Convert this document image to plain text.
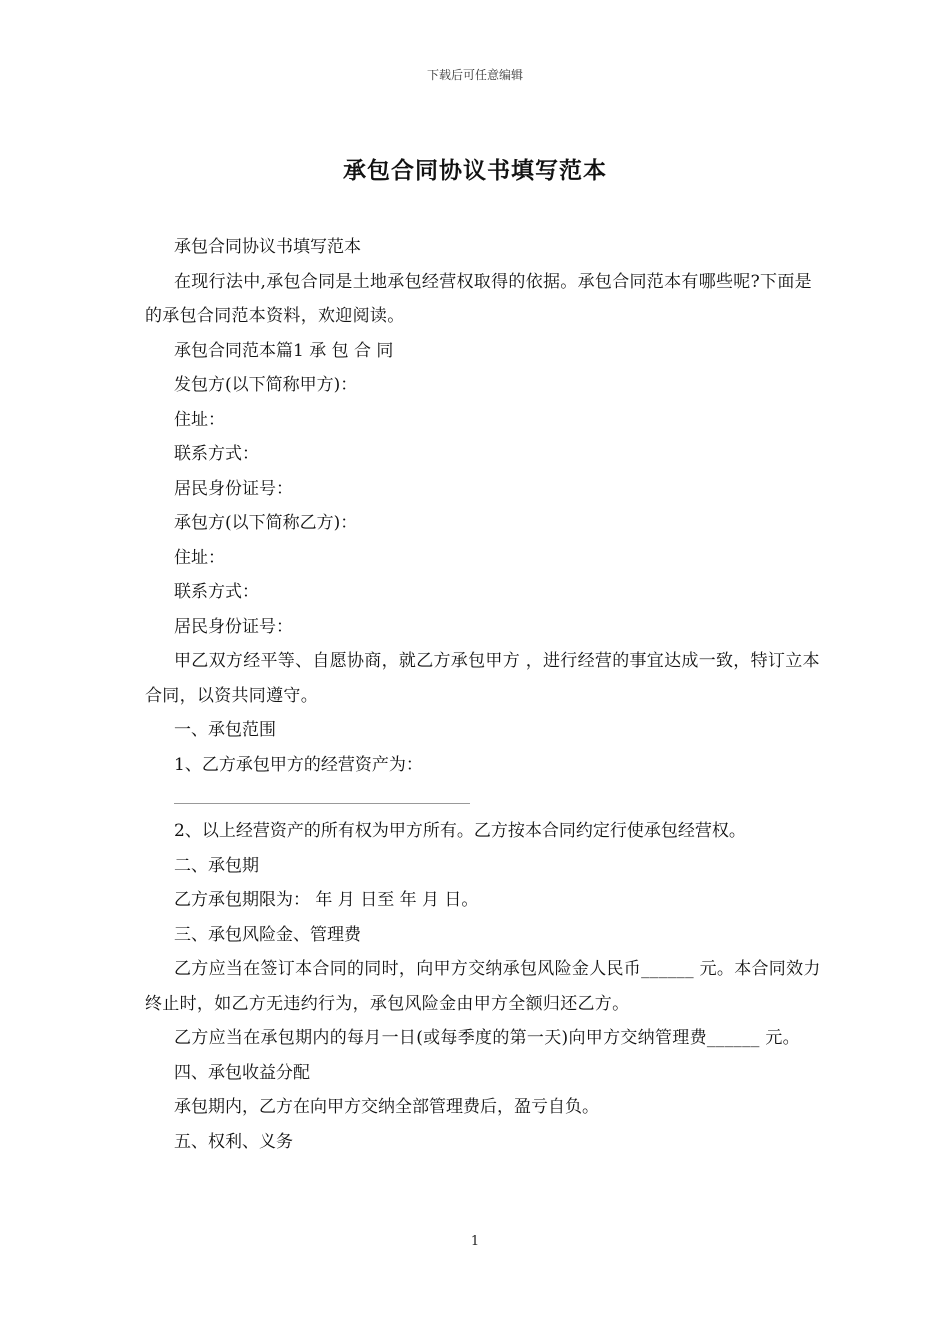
下载后可任意编辑
承包合同协议书填写范本

承包合同协议书填写范本

在现行法中,承包合同是土地承包经营权取得的依据。承包合同范本有哪些呢?下面是的承包合同范本资料，欢迎阅读。

承包合同范本篇1 承 包 合 同

发包方(以下简称甲方)：

住址：

联系方式：

居民身份证号：

承包方(以下简称乙方)：

住址：

联系方式：

居民身份证号：

甲乙双方经平等、自愿协商，就乙方承包甲方 ，进行经营的事宜达成一致，特订立本合同，以资共同遵守。

一、承包范围

1、乙方承包甲方的经营资产为：

2、以上经营资产的所有权为甲方所有。乙方按本合同约定行使承包经营权。

二、承包期

乙方承包期限为： 年 月 日至 年 月 日。

三、承包风险金、管理费

乙方应当在签订本合同的同时，向甲方交纳承包风险金人民币______ 元。本合同效力终止时，如乙方无违约行为，承包风险金由甲方全额归还乙方。

乙方应当在承包期内的每月一日(或每季度的第一天)向甲方交纳管理费______ 元。

四、承包收益分配

承包期内，乙方在向甲方交纳全部管理费后，盈亏自负。

五、权利、义务

1
